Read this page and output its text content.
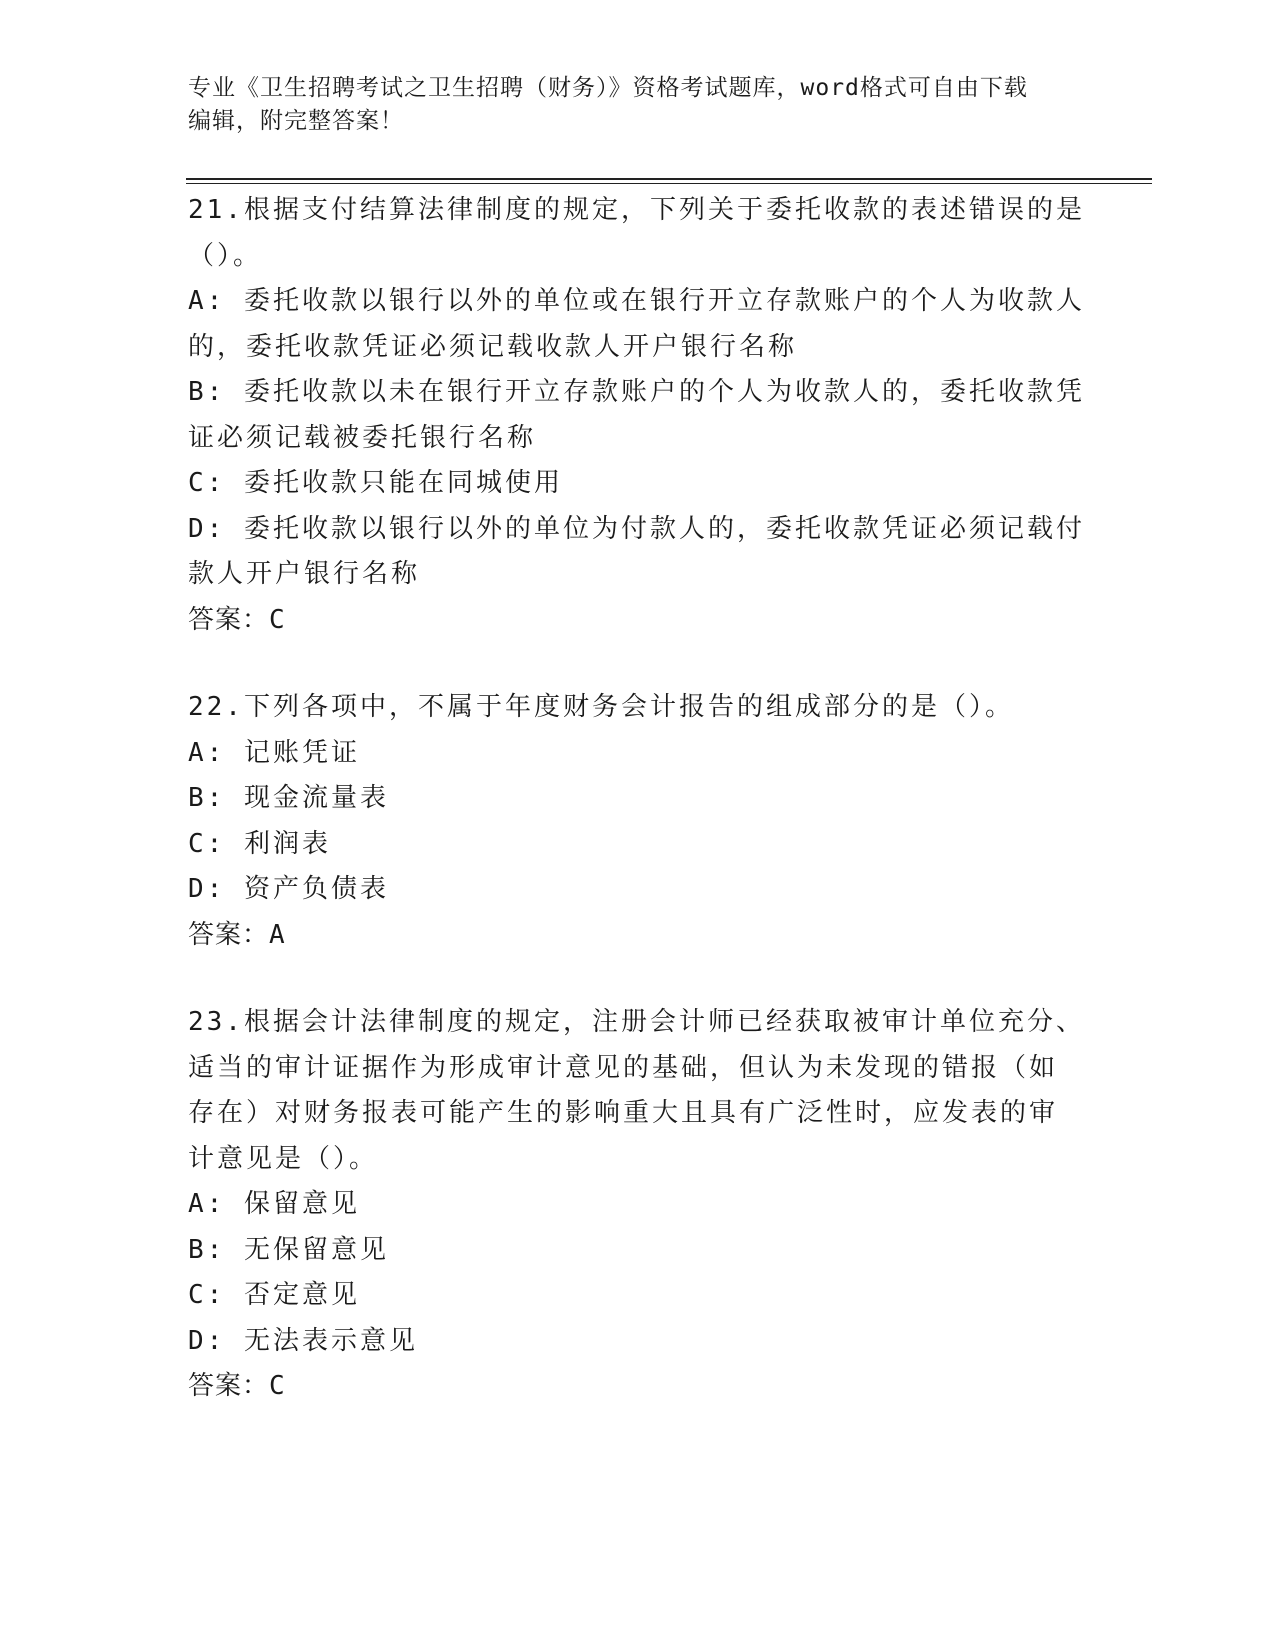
专业《卫生招聘考试之卫生招聘（财务）》资格考试题库，word格式可自由下载
编辑，附完整答案！
21.根据支付结算法律制度的规定，下列关于委托收款的表述错误的是
（）。
A: 委托收款以银行以外的单位或在银行开立存款账户的个人为收款人
的，委托收款凭证必须记载收款人开户银行名称
B: 委托收款以未在银行开立存款账户的个人为收款人的，委托收款凭
证必须记载被委托银行名称
C: 委托收款只能在同城使用
D: 委托收款以银行以外的单位为付款人的，委托收款凭证必须记载付
款人开户银行名称
答案：C
22.下列各项中，不属于年度财务会计报告的组成部分的是（）。
A: 记账凭证
B: 现金流量表
C: 利润表
D: 资产负债表
答案：A
23.根据会计法律制度的规定，注册会计师已经获取被审计单位充分、
适当的审计证据作为形成审计意见的基础，但认为未发现的错报（如
存在）对财务报表可能产生的影响重大且具有广泛性时，应发表的审
计意见是（）。
A: 保留意见
B: 无保留意见
C: 否定意见
D: 无法表示意见
答案：C
